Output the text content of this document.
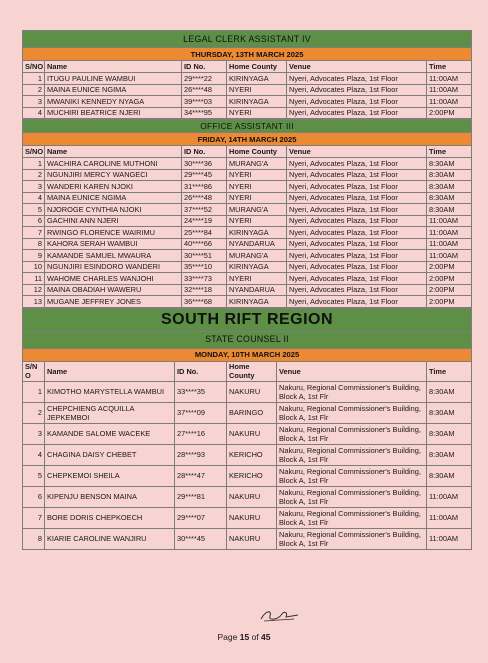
LEGAL CLERK ASSISTANT IV					
THURSDAY, 13TH MARCH 2025					
S/NO	Name	ID No.	Home County	Venue	Time
1	ITUGU PAULINE WAMBUI	29****22	KIRINYAGA	Nyeri, Advocates Plaza, 1st Floor	11:00AM
2	MAINA EUNICE NGIMA	26****48	NYERI	Nyeri, Advocates Plaza, 1st Floor	11:00AM
3	MWANIKI KENNEDY NYAGA	39****03	KIRINYAGA	Nyeri, Advocates Plaza, 1st Floor	11:00AM
4	MUCHIRI BEATRICE NJERI	34****95	NYERI	Nyeri, Advocates Plaza, 1st Floor	2:00PM
OFFICE ASSISTANT III					
FRIDAY, 14TH MARCH 2025					
S/NO	Name	ID No.	Home County	Venue	Time
1	WACHIRA CAROLINE MUTHONI	30****36	MURANG'A	Nyeri, Advocates Plaza, 1st Floor	8:30AM
2	NGUNJIRI MERCY WANGECI	29****45	NYERI	Nyeri, Advocates Plaza, 1st Floor	8:30AM
3	WANDERI KAREN NJOKI	31****86	NYERI	Nyeri, Advocates Plaza, 1st Floor	8:30AM
4	MAINA EUNICE NGIMA	26****48	NYERI	Nyeri, Advocates Plaza, 1st Floor	8:30AM
5	NJOROGE CYNTHIA NJOKI	37****52	MURANG'A	Nyeri, Advocates Plaza, 1st Floor	8:30AM
6	GACHINI ANN NJERI	24****19	NYERI	Nyeri, Advocates Plaza, 1st Floor	11:00AM
7	RWINGO FLORENCE WAIRIMU	25****84	KIRINYAGA	Nyeri, Advocates Plaza, 1st Floor	11:00AM
8	KAHORA SERAH WAMBUI	40****66	NYANDARUA	Nyeri, Advocates Plaza, 1st Floor	11:00AM
9	KAMANDE SAMUEL MWAURA	30****51	MURANG'A	Nyeri, Advocates Plaza, 1st Floor	11:00AM
10	NGUNJIRI ESINDORO WANDERI	35****10	KIRINYAGA	Nyeri, Advocates Plaza, 1st Floor	2:00PM
11	WAHOME CHARLES WANJOHI	33****73	NYERI	Nyeri, Advocates Plaza, 1st Floor	2:00PM
12	MAINA OBADIAH WAWERU	32****18	NYANDARUA	Nyeri, Advocates Plaza, 1st Floor	2:00PM
13	MUGANE JEFFREY JONES	36****68	KIRINYAGA	Nyeri, Advocates Plaza, 1st Floor	2:00PM
SOUTH RIFT REGION					
STATE COUNSEL II					
MONDAY, 10TH MARCH 2025					
S/N O	Name	ID No.	Home County	Venue	Time
1	KIMOTHO MARYSTELLA WAMBUI	33****35	NAKURU	Nakuru, Regional Commissioner's Building, Block A, 1st Flr	8:30AM
2	CHEPCHIENG ACQUILLA JEPKEMBOI	37****09	BARINGO	Nakuru, Regional Commissioner's Building, Block A, 1st Flr	8:30AM
3	KAMANDE SALOME WACEKE	27****16	NAKURU	Nakuru, Regional Commissioner's Building, Block A, 1st Flr	8:30AM
4	CHAGINA DAISY CHEBET	28****93	KERICHO	Nakuru, Regional Commissioner's Building, Block A, 1st Flr	8:30AM
5	CHEPKEMOI SHEILA	28****47	KERICHO	Nakuru, Regional Commissioner's Building, Block A, 1st Flr	8:30AM
6	KIPENJU BENSON MAINA	29****81	NAKURU	Nakuru, Regional Commissioner's Building, Block A, 1st Flr	11:00AM
7	BORE DORIS CHEPKOECH	29****07	NAKURU	Nakuru, Regional Commissioner's Building, Block A, 1st Flr	11:00AM
8	KIARIE CAROLINE WANJIRU	30****45	NAKURU	Nakuru, Regional Commissioner's Building, Block A, 1st Flr	11:00AM
Page 15 of 45
